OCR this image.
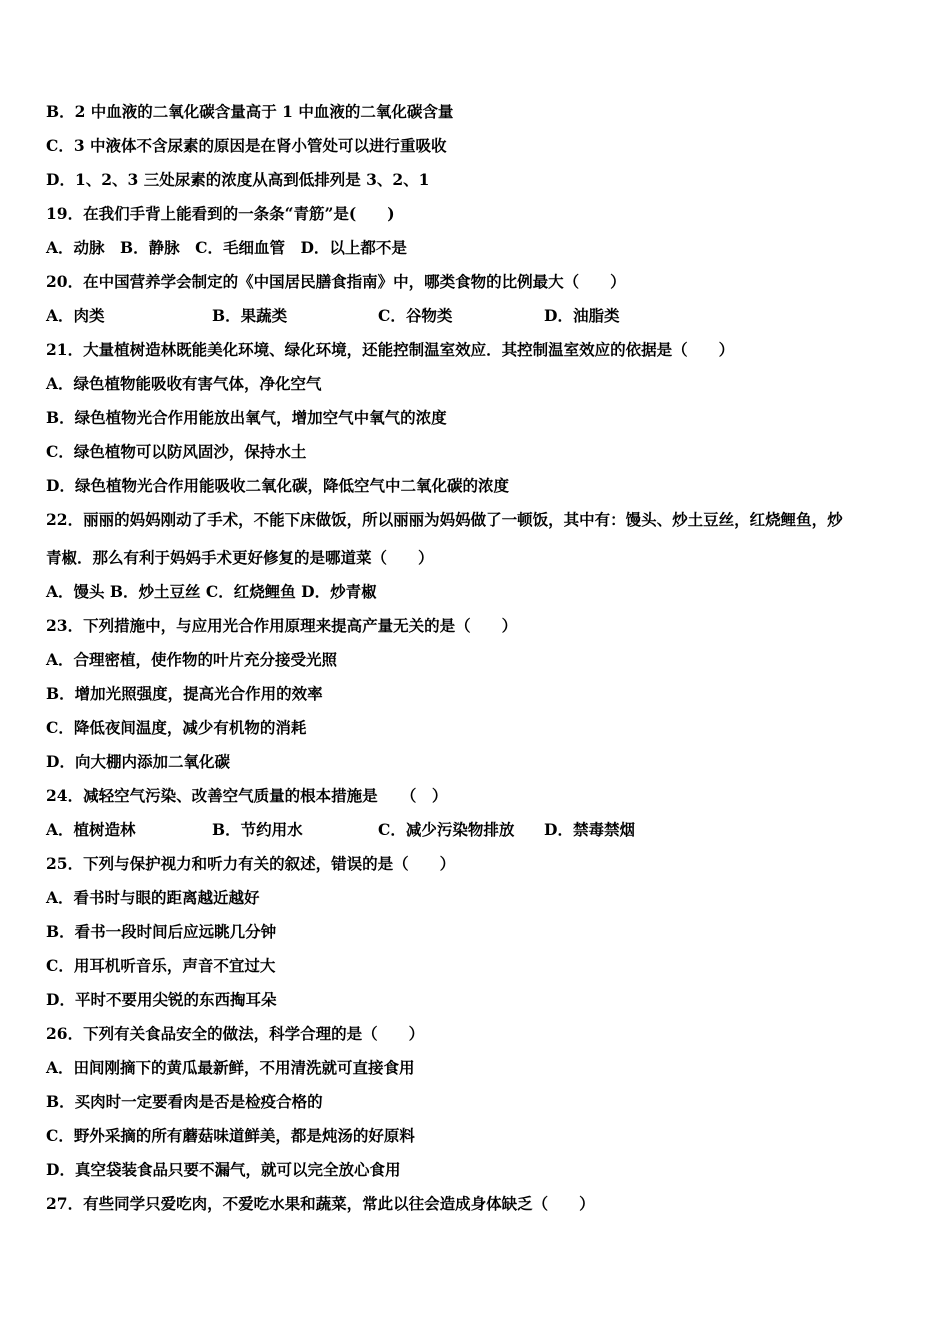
B．2 中血液的二氧化碳含量高于 1 中血液的二氧化碳含量
C．3 中液体不含尿素的原因是在肾小管处可以进行重吸收
D．1、2、3 三处尿素的浓度从高到低排列是 3、2、1
19．在我们手背上能看到的一条条“青筋”是(　　)
A．动脉　B．静脉　C．毛细血管　D．以上都不是
20．在中国营养学会制定的《中国居民膳食指南》中，哪类食物的比例最大（　　）
A．肉类	B．果蔬类	C．谷物类	D．油脂类
21．大量植树造林既能美化环境、绿化环境，还能控制温室效应．其控制温室效应的依据是（　　）
A．绿色植物能吸收有害气体，净化空气
B．绿色植物光合作用能放出氧气，增加空气中氧气的浓度
C．绿色植物可以防风固沙，保持水土
D．绿色植物光合作用能吸收二氧化碳，降低空气中二氧化碳的浓度
22．丽丽的妈妈刚动了手术，不能下床做饭，所以丽丽为妈妈做了一顿饭，其中有：馒头、炒土豆丝，红烧鲤鱼，炒
青椒．那么有利于妈妈手术更好修复的是哪道菜（　　）
A．馒头 B．炒土豆丝 C．红烧鲤鱼 D．炒青椒
23．下列措施中，与应用光合作用原理来提高产量无关的是（　　）
A．合理密植，使作物的叶片充分接受光照
B．增加光照强度，提高光合作用的效率
C．降低夜间温度，减少有机物的消耗
D．向大棚内添加二氧化碳
24．减轻空气污染、改善空气质量的根本措施是　　（　）
A．植树造林	B．节约用水	C．减少污染物排放 D．禁毒禁烟
25．下列与保护视力和听力有关的叙述，错误的是（　　）
A．看书时与眼的距离越近越好
B．看书一段时间后应远眺几分钟
C．用耳机听音乐，声音不宜过大
D．平时不要用尖锐的东西掏耳朵
26．下列有关食品安全的做法，科学合理的是（　　）
A．田间刚摘下的黄瓜最新鲜，不用清洗就可直接食用
B．买肉时一定要看肉是否是检疫合格的
C．野外采摘的所有蘑菇味道鲜美，都是炖汤的好原料
D．真空袋装食品只要不漏气，就可以完全放心食用
27．有些同学只爱吃肉，不爱吃水果和蔬菜，常此以往会造成身体缺乏（　　）
